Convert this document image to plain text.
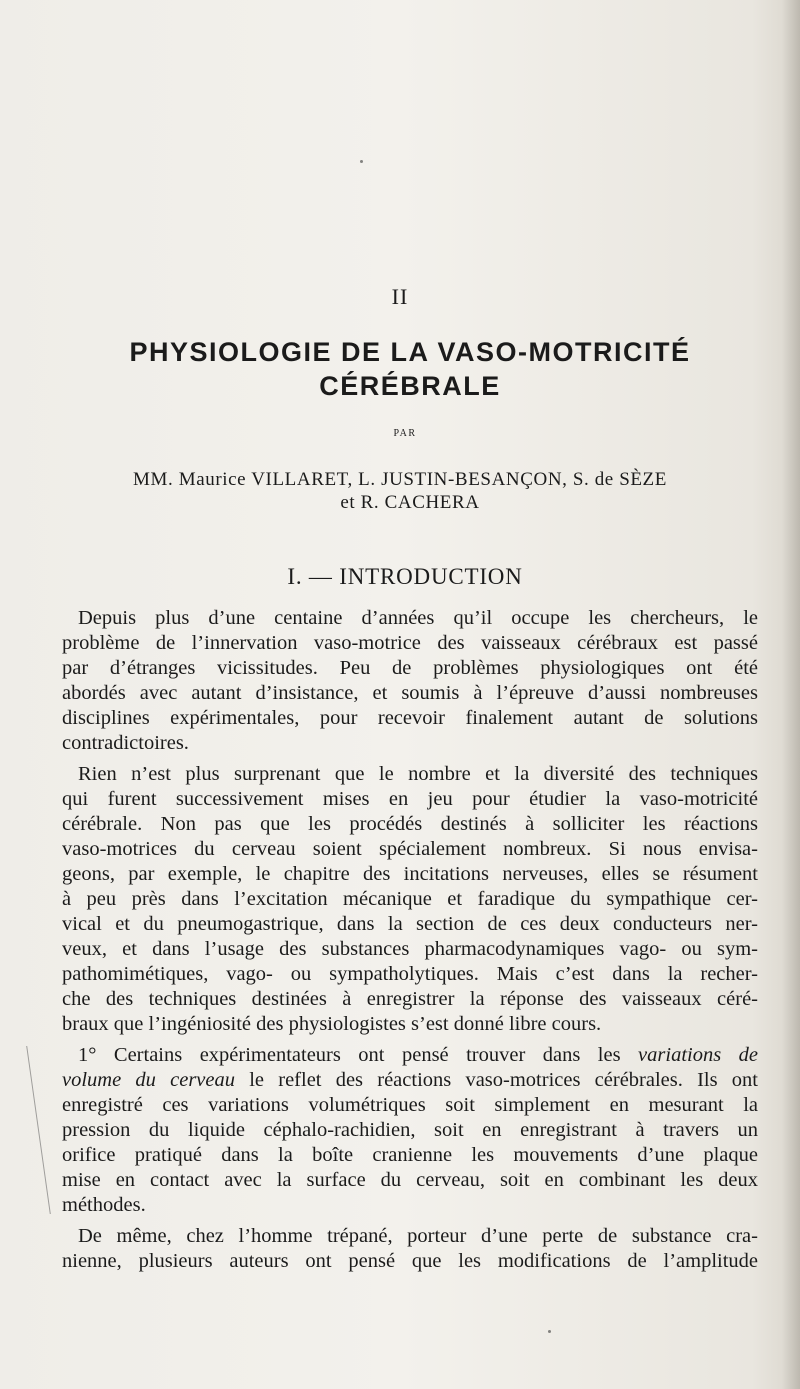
II
PHYSIOLOGIE DE LA VASO-MOTRICITÉ
CÉRÉBRALE
PAR
MM. Maurice VILLARET, L. JUSTIN-BESANÇON, S. de SÈZE
et R. CACHERA
I. — INTRODUCTION
Depuis plus d’une centaine d’années qu’il occupe les chercheurs, le
problème de l’innervation vaso-motrice des vaisseaux cérébraux est passé
par d’étranges vicissitudes. Peu de problèmes physiologiques ont été
abordés avec autant d’insistance, et soumis à l’épreuve d’aussi nombreuses
disciplines expérimentales, pour recevoir finalement autant de solutions
contradictoires.
Rien n’est plus surprenant que le nombre et la diversité des techniques
qui furent successivement mises en jeu pour étudier la vaso-motricité
cérébrale. Non pas que les procédés destinés à solliciter les réactions
vaso-motrices du cerveau soient spécialement nombreux. Si nous envisa-
geons, par exemple, le chapitre des incitations nerveuses, elles se résument
à peu près dans l’excitation mécanique et faradique du sympathique cer-
vical et du pneumogastrique, dans la section de ces deux conducteurs ner-
veux, et dans l’usage des substances pharmacodynamiques vago- ou sym-
pathomimétiques, vago- ou sympatholytiques. Mais c’est dans la recher-
che des techniques destinées à enregistrer la réponse des vaisseaux céré-
braux que l’ingéniosité des physiologistes s’est donné libre cours.
1° Certains expérimentateurs ont pensé trouver dans les variations de
volume du cerveau le reflet des réactions vaso-motrices cérébrales. Ils ont
enregistré ces variations volumétriques soit simplement en mesurant la
pression du liquide céphalo-rachidien, soit en enregistrant à travers un
orifice pratiqué dans la boîte cranienne les mouvements d’une plaque
mise en contact avec la surface du cerveau, soit en combinant les deux
méthodes.
De même, chez l’homme trépané, porteur d’une perte de substance cra-
nienne, plusieurs auteurs ont pensé que les modifications de l’amplitude
